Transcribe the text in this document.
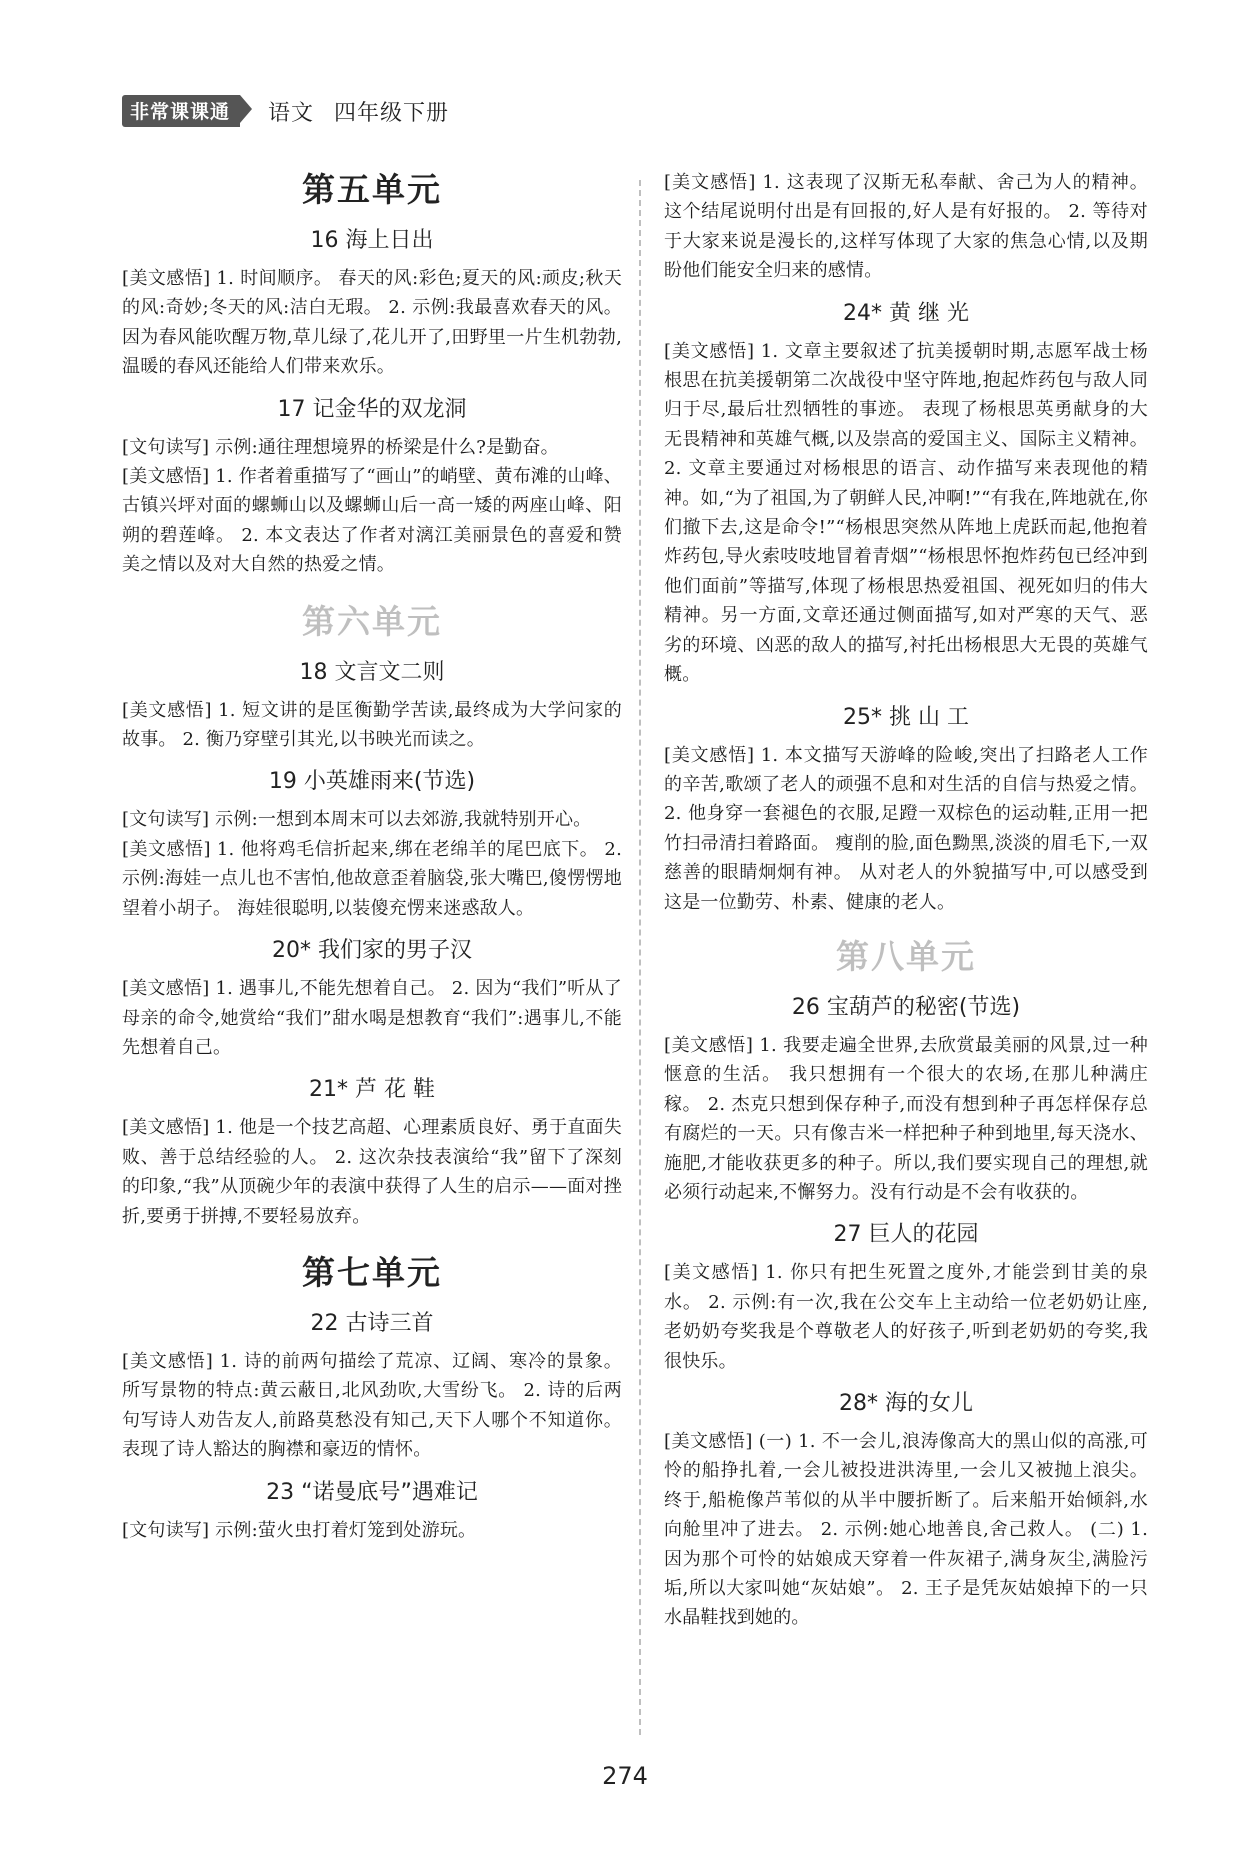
非常课课通	语文 四年级下册
第五单元
16 海上日出

[美文感悟] 1. 时间顺序。 春天的风:彩色;夏天的风:顽皮;秋天的风:奇妙;冬天的风:洁白无瑕。 2. 示例:我最喜欢春天的风。 因为春风能吹醒万物,草儿绿了,花儿开了,田野里一片生机勃勃,温暖的春风还能给人们带来欢乐。

17 记金华的双龙洞

[文句读写] 示例:通往理想境界的桥梁是什么?是勤奋。

[美文感悟] 1. 作者着重描写了“画山”的峭壁、黄布滩的山峰、古镇兴坪对面的螺蛳山以及螺蛳山后一高一矮的两座山峰、阳朔的碧莲峰。 2. 本文表达了作者对漓江美丽景色的喜爱和赞美之情以及对大自然的热爱之情。

第六单元
18 文言文二则

[美文感悟] 1. 短文讲的是匡衡勤学苦读,最终成为大学问家的故事。 2. 衡乃穿壁引其光,以书映光而读之。

19 小英雄雨来(节选)

[文句读写] 示例:一想到本周末可以去郊游,我就特别开心。

[美文感悟] 1. 他将鸡毛信折起来,绑在老绵羊的尾巴底下。 2. 示例:海娃一点儿也不害怕,他故意歪着脑袋,张大嘴巴,傻愣愣地望着小胡子。 海娃很聪明,以装傻充愣来迷惑敌人。

20* 我们家的男子汉

[美文感悟] 1. 遇事儿,不能先想着自己。 2. 因为“我们”听从了母亲的命令,她赏给“我们”甜水喝是想教育“我们”:遇事儿,不能先想着自己。

21* 芦 花 鞋

[美文感悟] 1. 他是一个技艺高超、心理素质良好、勇于直面失败、善于总结经验的人。 2. 这次杂技表演给“我”留下了深刻的印象,“我”从顶碗少年的表演中获得了人生的启示——面对挫折,要勇于拼搏,不要轻易放弃。

第七单元
22 古诗三首

[美文感悟] 1. 诗的前两句描绘了荒凉、辽阔、寒冷的景象。 所写景物的特点:黄云蔽日,北风劲吹,大雪纷飞。 2. 诗的后两句写诗人劝告友人,前路莫愁没有知己,天下人哪个不知道你。 表现了诗人豁达的胸襟和豪迈的情怀。

23 “诺曼底号”遇难记

[文句读写] 示例:萤火虫打着灯笼到处游玩。

[美文感悟] 1. 这表现了汉斯无私奉献、舍己为人的精神。 这个结尾说明付出是有回报的,好人是有好报的。 2. 等待对于大家来说是漫长的,这样写体现了大家的焦急心情,以及期盼他们能安全归来的感情。

24* 黄 继 光

[美文感悟] 1. 文章主要叙述了抗美援朝时期,志愿军战士杨根思在抗美援朝第二次战役中坚守阵地,抱起炸药包与敌人同归于尽,最后壮烈牺牲的事迹。 表现了杨根思英勇献身的大无畏精神和英雄气概,以及崇高的爱国主义、国际主义精神。 2. 文章主要通过对杨根思的语言、动作描写来表现他的精神。如,“为了祖国,为了朝鲜人民,冲啊!”“有我在,阵地就在,你们撤下去,这是命令!”“杨根思突然从阵地上虎跃而起,他抱着炸药包,导火索吱吱地冒着青烟”“杨根思怀抱炸药包已经冲到他们面前”等描写,体现了杨根思热爱祖国、视死如归的伟大精神。另一方面,文章还通过侧面描写,如对严寒的天气、恶劣的环境、凶恶的敌人的描写,衬托出杨根思大无畏的英雄气概。

25* 挑 山 工

[美文感悟] 1. 本文描写天游峰的险峻,突出了扫路老人工作的辛苦,歌颂了老人的顽强不息和对生活的自信与热爱之情。 2. 他身穿一套褪色的衣服,足蹬一双棕色的运动鞋,正用一把竹扫帚清扫着路面。 瘦削的脸,面色黝黑,淡淡的眉毛下,一双慈善的眼睛炯炯有神。 从对老人的外貌描写中,可以感受到这是一位勤劳、朴素、健康的老人。

第八单元
26 宝葫芦的秘密(节选)

[美文感悟] 1. 我要走遍全世界,去欣赏最美丽的风景,过一种惬意的生活。 我只想拥有一个很大的农场,在那儿种满庄稼。 2. 杰克只想到保存种子,而没有想到种子再怎样保存总有腐烂的一天。只有像吉米一样把种子种到地里,每天浇水、施肥,才能收获更多的种子。所以,我们要实现自己的理想,就必须行动起来,不懈努力。没有行动是不会有收获的。

27 巨人的花园

[美文感悟] 1. 你只有把生死置之度外,才能尝到甘美的泉水。 2. 示例:有一次,我在公交车上主动给一位老奶奶让座,老奶奶夸奖我是个尊敬老人的好孩子,听到老奶奶的夸奖,我很快乐。

28* 海的女儿

[美文感悟] (一) 1. 不一会儿,浪涛像高大的黑山似的高涨,可怜的船挣扎着,一会儿被投进洪涛里,一会儿又被抛上浪尖。 终于,船桅像芦苇似的从半中腰折断了。后来船开始倾斜,水向舱里冲了进去。 2. 示例:她心地善良,舍己救人。 (二) 1. 因为那个可怜的姑娘成天穿着一件灰裙子,满身灰尘,满脸污垢,所以大家叫她“灰姑娘”。 2. 王子是凭灰姑娘掉下的一只水晶鞋找到她的。

274
